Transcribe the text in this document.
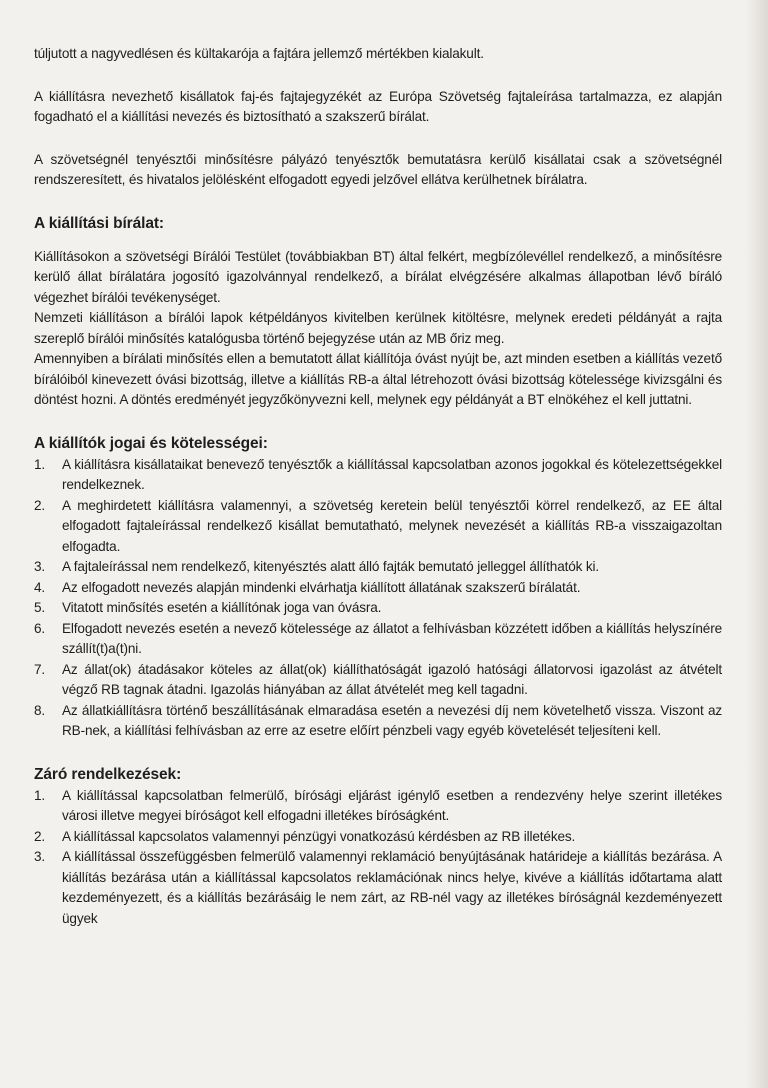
túljutott a nagyvedlésen és kültakarója a fajtára jellemző mértékben kialakult.

A kiállításra nevezhető kisállatok faj-és fajtajegyzékét az Európa Szövetség fajtaleírása tartalmazza, ez alapján fogadható el a kiállítási nevezés és biztosítható a szakszerű bírálat.

A szövetségnél tenyésztői minősítésre pályázó tenyésztők bemutatásra kerülő kisállatai csak a szövetségnél rendszeresített, és hivatalos jelölésként elfogadott egyedi jelzővel ellátva kerülhetnek bírálatra.

A kiállítási bírálat:

Kiállításokon a szövetségi Bírálói Testület (továbbiakban BT) által felkért, megbízólevéllel rendelkező, a minősítésre kerülő állat bírálatára jogosító igazolvánnyal rendelkező, a bírálat elvégzésére alkalmas állapotban lévő bíráló végezhet bírálói tevékenységet.

Nemzeti kiállításon a bírálói lapok kétpéldányos kivitelben kerülnek kitöltésre, melynek eredeti példányát a rajta szereplő bírálói minősítés katalógusba történő bejegyzése után az MB őriz meg.

Amennyiben a bírálati minősítés ellen a bemutatott állat kiállítója óvást nyújt be, azt minden esetben a kiállítás vezető bírálóiból kinevezett óvási bizottság, illetve a kiállítás RB-a által létrehozott óvási bizottság kötelessége kivizsgálni és döntést hozni. A döntés eredményét jegyzőkönyvezni kell, melynek egy példányát a BT elnökéhez el kell juttatni.

A kiállítók jogai és kötelességei:
1. A kiállításra kisállataikat benevező tenyésztők a kiállítással kapcsolatban azonos jogokkal és kötelezettségekkel rendelkeznek.
2. A meghirdetett kiállításra valamennyi, a szövetség keretein belül tenyésztői körrel rendelkező, az EE által elfogadott fajtaleírással rendelkező kisállat bemutatható, melynek nevezését a kiállítás RB-a visszaigazoltan elfogadta.
3. A fajtaleírással nem rendelkező, kitenyésztés alatt álló fajták bemutató jelleggel állíthatók ki.
4. Az elfogadott nevezés alapján mindenki elvárhatja kiállított állatának szakszerű bírálatát.
5. Vitatott minősítés esetén a kiállítónak joga van óvásra.
6. Elfogadott nevezés esetén a nevező kötelessége az állatot a felhívásban közzétett időben a kiállítás helyszínére szállít(t)a(t)ni.
7. Az állat(ok) átadásakor köteles az állat(ok) kiállíthatóságát igazoló hatósági állatorvosi igazolást az átvételt végző RB tagnak átadni. Igazolás hiányában az állat átvételét meg kell tagadni.
8. Az állatkiállításra történő beszállításának elmaradása esetén a nevezési díj nem követelhető vissza. Viszont az RB-nek, a kiállítási felhívásban az erre az esetre előírt pénzbeli vagy egyéb követelését teljesíteni kell.
Záró rendelkezések:
1. A kiállítással kapcsolatban felmerülő, bírósági eljárást igénylő esetben a rendezvény helye szerint illetékes városi illetve megyei bíróságot kell elfogadni illetékes bíróságként.
2. A kiállítással kapcsolatos valamennyi pénzügyi vonatkozású kérdésben az RB illetékes.
3. A kiállítással összefüggésben felmerülő valamennyi reklamáció benyújtásának határideje a kiállítás bezárása. A kiállítás bezárása után a kiállítással kapcsolatos reklamációnak nincs helye, kivéve a kiállítás időtartama alatt kezdeményezett, és a kiállítás bezárásáig le nem zárt, az RB-nél vagy az illetékes bíróságnál kezdeményezett ügyek
